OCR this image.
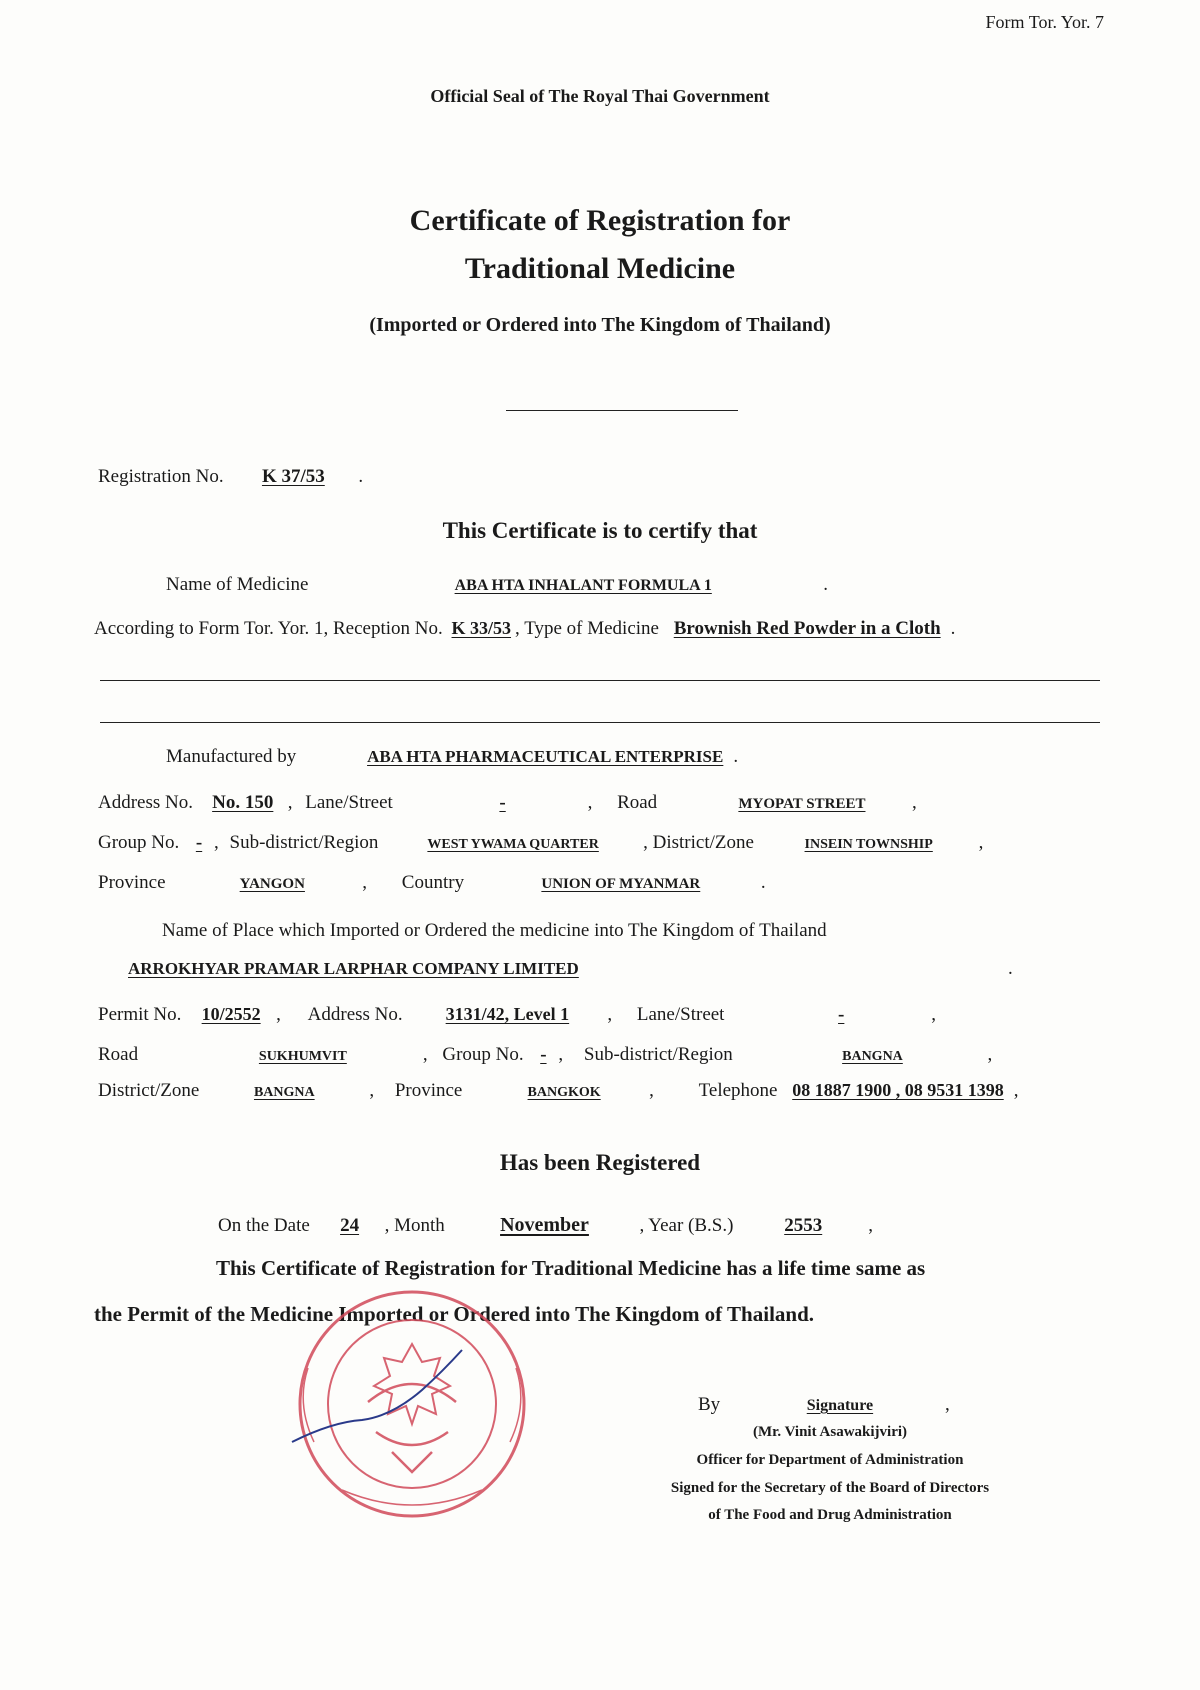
Form Tor. Yor. 7
Official Seal of The Royal Thai Government
Certificate of Registration for
Traditional Medicine
(Imported or Ordered into The Kingdom of Thailand)
Registration No. K 37/53 .
This Certificate is to certify that
Name of Medicine	ABA HTA INHALANT FORMULA 1	.
According to Form Tor. Yor. 1, Reception No. K 33/53 , Type of Medicine Brownish Red Powder in a Cloth .
Manufactured by	ABA HTA PHARMACEUTICAL ENTERPRISE .
Address No. No. 150 , Lane/Street	-	, Road	MYOPAT STREET ,
Group No. - , Sub-district/Region	WEST YWAMA QUARTER , District/Zone	INSEIN TOWNSHIP ,
Province	YANGON	, Country	UNION OF MYANMAR	.
Name of Place which Imported or Ordered the medicine into The Kingdom of Thailand
ARROKHYAR PRAMAR LARPHAR COMPANY LIMITED	.
Permit No. 10/2552 , Address No. 3131/42, Level 1 , Lane/Street	-	,
Road	SUKHUMVIT	, Group No. - , Sub-district/Region	BANGNA	,
District/Zone	BANGNA	, Province	BANGKOK	, Telephone 08 1887 1900 , 08 9531 1398 ,
Has been Registered
On the Date 24 , Month	November	, Year (B.S.)	2553 ,
This Certificate of Registration for Traditional Medicine has a life time same as
the Permit of the Medicine Imported or Ordered into The Kingdom of Thailand.
By	Signature	,
(Mr. Vinit Asawakijviri)
Officer for Department of Administration
Signed for the Secretary of the Board of Directors
of The Food and Drug Administration
